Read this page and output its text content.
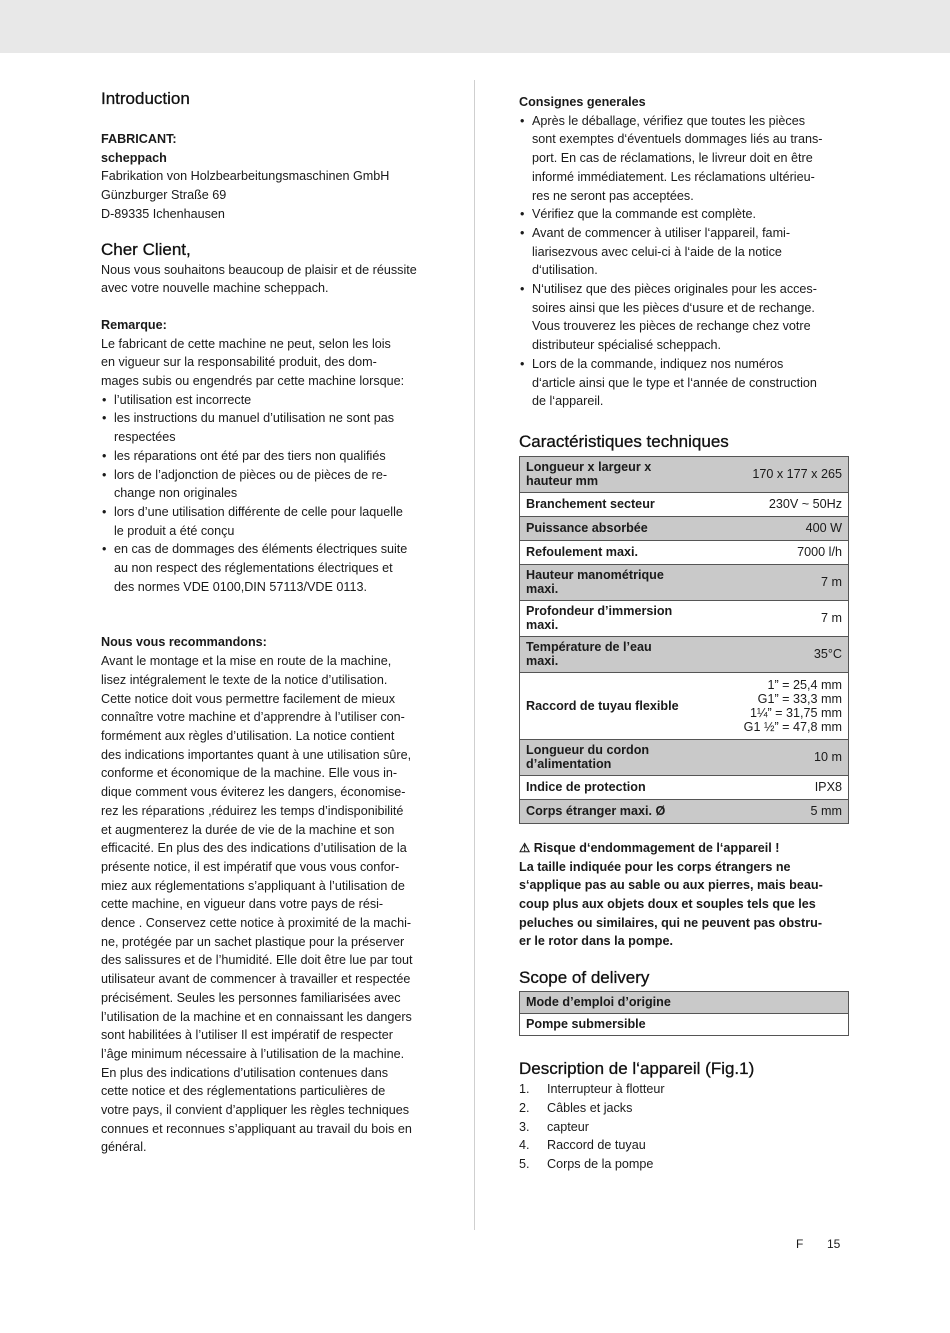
Introduction

FABRICANT:

scheppach

Fabrikation von Holzbearbeitungsmaschinen GmbH

Günzburger Straße 69

D-89335 Ichenhausen

Cher Client,

Nous vous souhaitons beaucoup de plaisir et de réussite

avec votre nouvelle machine scheppach.

Remarque:

Le fabricant de cette machine ne peut, selon les lois

en vigueur sur la responsabilité produit, des dom-

mages subis ou engendrés par cette machine lorsque:

• l’utilisation est incorrecte
• les instructions du manuel d’utilisation ne sont pas
respectées
• les réparations ont été par des tiers non qualifiés
• lors de l’adjonction de pièces ou de pièces de re-
change non originales
• lors d’une utilisation différente de celle pour laquelle
le produit a été conçu
• en cas de dommages des éléments électriques suite
au non respect des réglementations électriques et
des normes VDE 0100,DIN 57113/VDE 0113.

Nous vous recommandons:

Avant le montage et la mise en route de la machine,

lisez intégralement le texte de la notice d’utilisation.

Cette notice doit vous permettre facilement de mieux

connaître votre machine et d’apprendre à l’utiliser con-

formément aux règles d’utilisation. La notice contient

des indications importantes quant à une utilisation sûre,

conforme et économique de la machine. Elle vous in-

dique comment vous éviterez les dangers, économise-

rez les réparations ,réduirez les temps d’indisponibilité

et augmenterez la durée de vie de la machine et son

efficacité. En plus des des indications d’utilisation de la

présente notice, il est impératif que vous vous confor-

miez aux réglementations s’appliquant à l’utilisation de

cette machine, en vigueur dans votre pays de rési-

dence . Conservez cette notice à proximité de la machi-

ne, protégée par un sachet plastique pour la préserver

des salissures et de l’humidité. Elle doit être lue par tout

utilisateur avant de commencer à travailler et respectée

précisément. Seules les personnes familiarisées avec

l’utilisation de la machine et en connaissant les dangers

sont habilitées à l’utiliser Il est impératif de respecter

l’âge minimum nécessaire à l’utilisation de la machine.

En plus des indications d’utilisation contenues dans

cette notice et des réglementations particulières de

votre pays, il convient d’appliquer les règles techniques

connues et reconnues s’appliquant au travail du bois en

général.

Consignes generales

• Après le déballage, vérifiez que toutes les pièces
sont exemptes d‘éventuels dommages liés au trans-
port. En cas de réclamations, le livreur doit en être
informé immédiatement. Les réclamations ultérieu-
res ne seront pas acceptées.
• Vérifiez que la commande est complète.
• Avant de commencer à utiliser l‘appareil, fami-
liarisezvous avec celui-ci à l‘aide de la notice
d‘utilisation.
• N‘utilisez que des pièces originales pour les acces-
soires ainsi que les pièces d‘usure et de rechange.
Vous trouverez les pièces de rechange chez votre
distributeur spécialisé scheppach.
• Lors de la commande, indiquez nos numéros
d‘article ainsi que le type et l‘année de construction
de l‘appareil.
Caractéristiques techniques
Longueur x largeur x
hauteur mm	170 x 177 x 265
Branchement secteur	230V ~ 50Hz
Puissance absorbée	400 W
Refoulement maxi.	7000 l/h
Hauteur manométrique
maxi.	7 m
Profondeur d’immersion
maxi.	7 m
Température de l’eau
maxi.	35°C
Raccord de tuyau flexible	1” = 25,4 mm
G1” = 33,3 mm
1¼” = 31,75 mm
G1 ½” = 47,8 mm
Longueur du cordon
d’alimentation	10 m
Indice de protection	IPX8
Corps étranger maxi. Ø	5 mm

⚠ Risque d‘endommagement de l‘appareil !

La taille indiquée pour les corps étrangers ne

s‘applique pas au sable ou aux pierres, mais beau-

coup plus aux objets doux et souples tels que les

peluches ou similaires, qui ne peuvent pas obstru-

er le rotor dans la pompe.

Scope of delivery
Mode d’emploi d’origine
Pompe submersible
Description de l‘appareil (Fig.1)
1.	Interrupteur à flotteur
2.	Câbles et jacks
3.	capteur
4.	Raccord de tuyau
5.	Corps de la pompe
F 15
